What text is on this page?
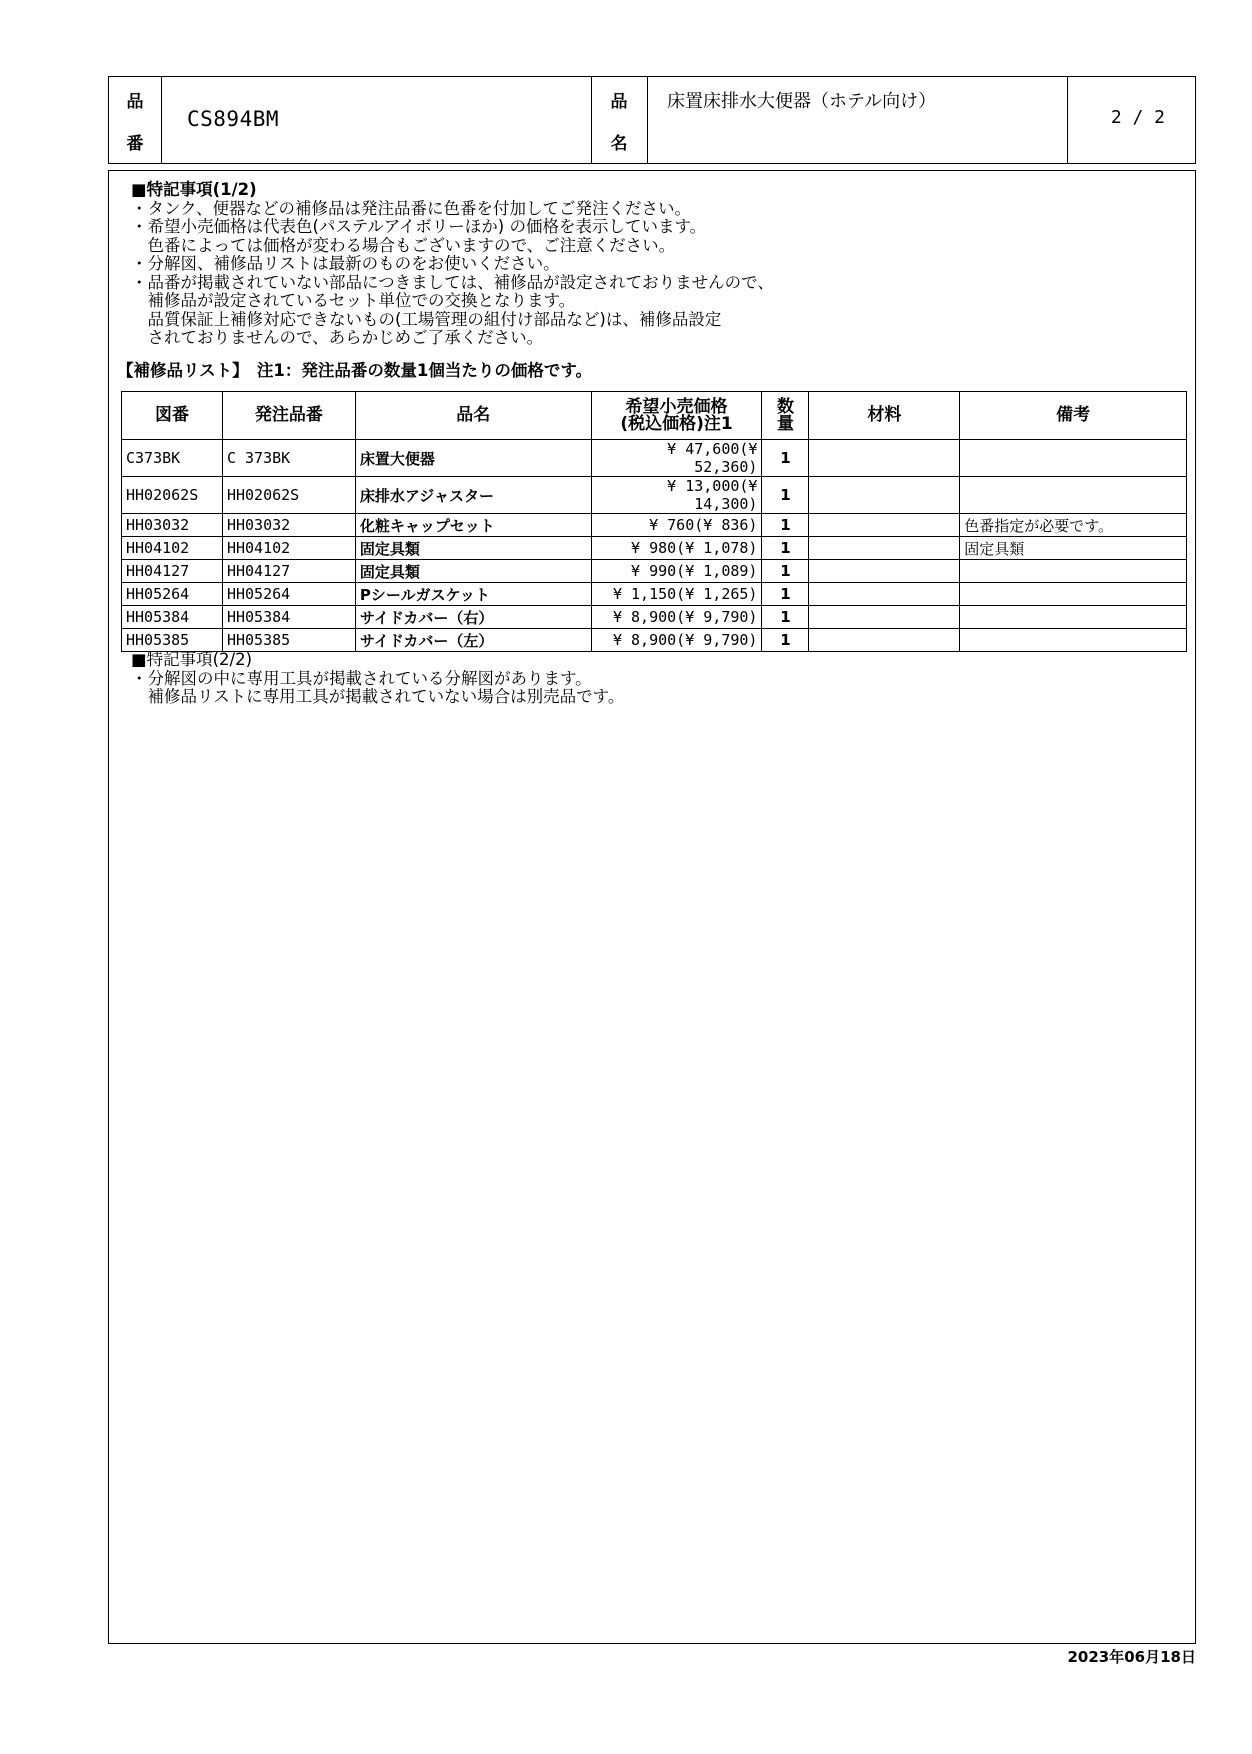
品
番
CS894BM
品
名
床置床排水大便器（ホテル向け）
2 / 2
■特記事項(1/2)
・タンク、便器などの補修品は発注品番に色番を付加してご発注ください。
・希望小売価格は代表色(パステルアイボリーほか) の価格を表示しています。
　色番によっては価格が変わる場合もございますので、ご注意ください。
・分解図、補修品リストは最新のものをお使いください。
・品番が掲載されていない部品につきましては、補修品が設定されておりませんので、
　補修品が設定されているセット単位での交換となります。
　品質保証上補修対応できないもの(工場管理の組付け部品など)は、補修品設定
　されておりませんので、あらかじめご了承ください。
【補修品リスト】　注1：発注品番の数量1個当たりの価格です。
図番	発注品番	品名	希望小売価格
(税込価格)注1	数
量	材料	備考
C373BK	C 373BK	床置大便器	¥ 47,600(¥ 52,360)	1		
HH02062S	HH02062S	床排水アジャスター	¥ 13,000(¥ 14,300)	1		
HH03032	HH03032	化粧キャップセット	¥ 760(¥ 836)	1		色番指定が必要です。
HH04102	HH04102	固定具類	¥ 980(¥ 1,078)	1		固定具類
HH04127	HH04127	固定具類	¥ 990(¥ 1,089)	1		
HH05264	HH05264	Pシールガスケット	¥ 1,150(¥ 1,265)	1		
HH05384	HH05384	サイドカバー（右）	¥ 8,900(¥ 9,790)	1		
HH05385	HH05385	サイドカバー（左）	¥ 8,900(¥ 9,790)	1		
■特記事項(2/2)
・分解図の中に専用工具が掲載されている分解図があります。
　補修品リストに専用工具が掲載されていない場合は別売品です。
2023年06月18日
